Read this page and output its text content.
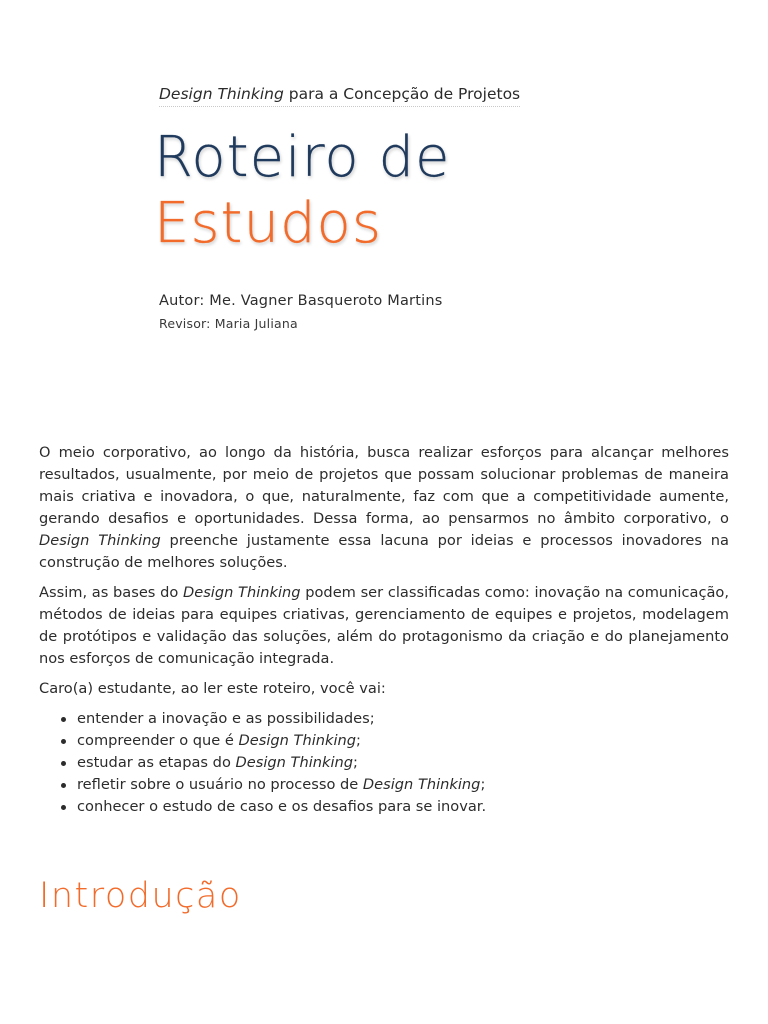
Design Thinking para a Concepção de Projetos
Roteiro de
Estudos
Autor: Me. Vagner Basqueroto Martins
Revisor: Maria Juliana

O meio corporativo, ao longo da história, busca realizar esforços para alcançar melhores resultados, usualmente, por meio de projetos que possam solucionar problemas de maneira mais criativa e inovadora, o que, naturalmente, faz com que a competitividade aumente, gerando desafios e oportunidades. Dessa forma, ao pensarmos no âmbito corporativo, o Design Thinking preenche justamente essa lacuna por ideias e processos inovadores na construção de melhores soluções.

Assim, as bases do Design Thinking podem ser classificadas como: inovação na comunicação, métodos de ideias para equipes criativas, gerenciamento de equipes e projetos, modelagem de protótipos e validação das soluções, além do protagonismo da criação e do planejamento nos esforços de comunicação integrada.

Caro(a) estudante, ao ler este roteiro, você vai:

entender a inovação e as possibilidades;
compreender o que é Design Thinking;
estudar as etapas do Design Thinking;
refletir sobre o usuário no processo de Design Thinking;
conhecer o estudo de caso e os desafios para se inovar.
Introdução
